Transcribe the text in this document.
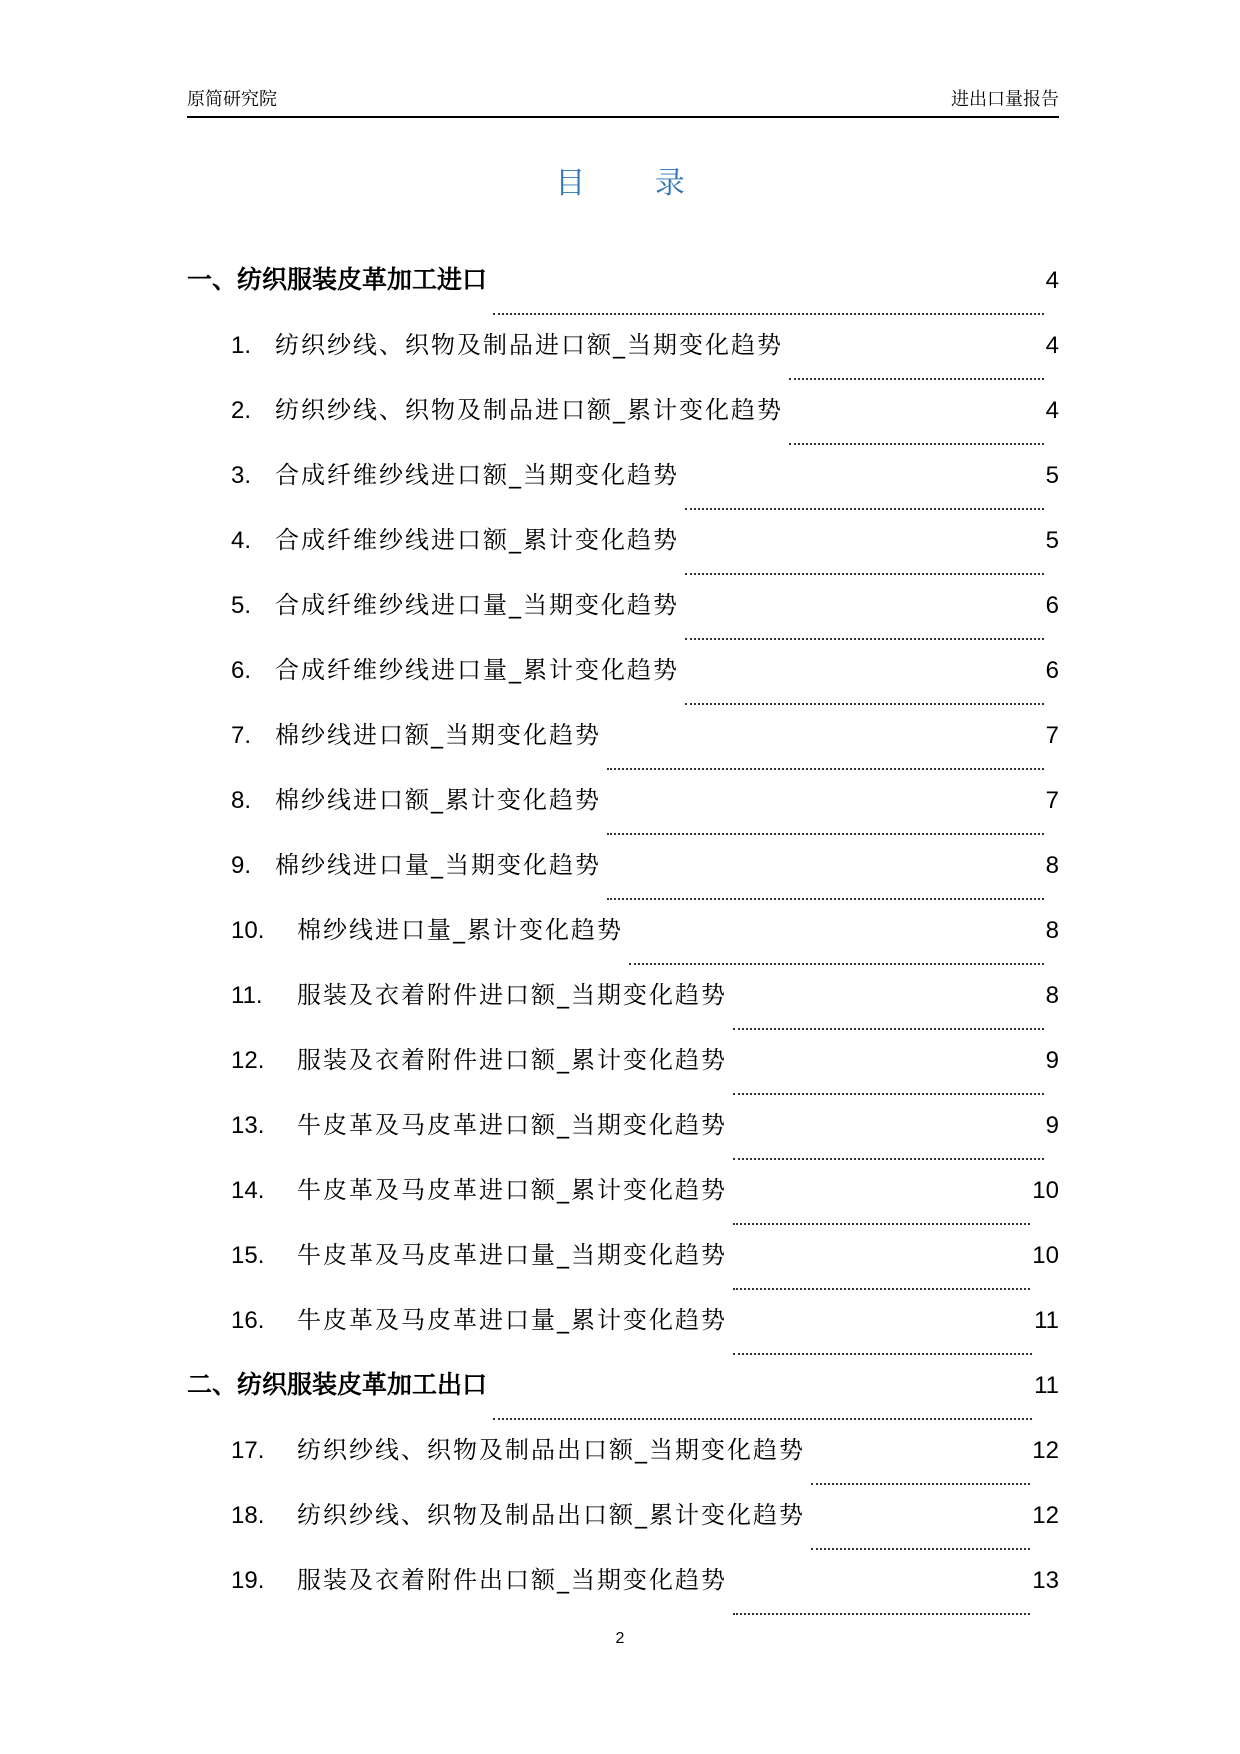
原简研究院	进出口量报告
目 录
一、纺织服装皮革加工进口	4
1. 纺织纱线、织物及制品进口额_当期变化趋势	4
2. 纺织纱线、织物及制品进口额_累计变化趋势	4
3. 合成纤维纱线进口额_当期变化趋势	5
4. 合成纤维纱线进口额_累计变化趋势	5
5. 合成纤维纱线进口量_当期变化趋势	6
6. 合成纤维纱线进口量_累计变化趋势	6
7. 棉纱线进口额_当期变化趋势	7
8. 棉纱线进口额_累计变化趋势	7
9. 棉纱线进口量_当期变化趋势	8
10.	棉纱线进口量_累计变化趋势	8
11.	服装及衣着附件进口额_当期变化趋势	8
12.	服装及衣着附件进口额_累计变化趋势	9
13.	牛皮革及马皮革进口额_当期变化趋势	9
14.	牛皮革及马皮革进口额_累计变化趋势	10
15.	牛皮革及马皮革进口量_当期变化趋势	10
16.	牛皮革及马皮革进口量_累计变化趋势	11
二、纺织服装皮革加工出口	11
17.	纺织纱线、织物及制品出口额_当期变化趋势	12
18.	纺织纱线、织物及制品出口额_累计变化趋势	12
19.	服装及衣着附件出口额_当期变化趋势	13
2
